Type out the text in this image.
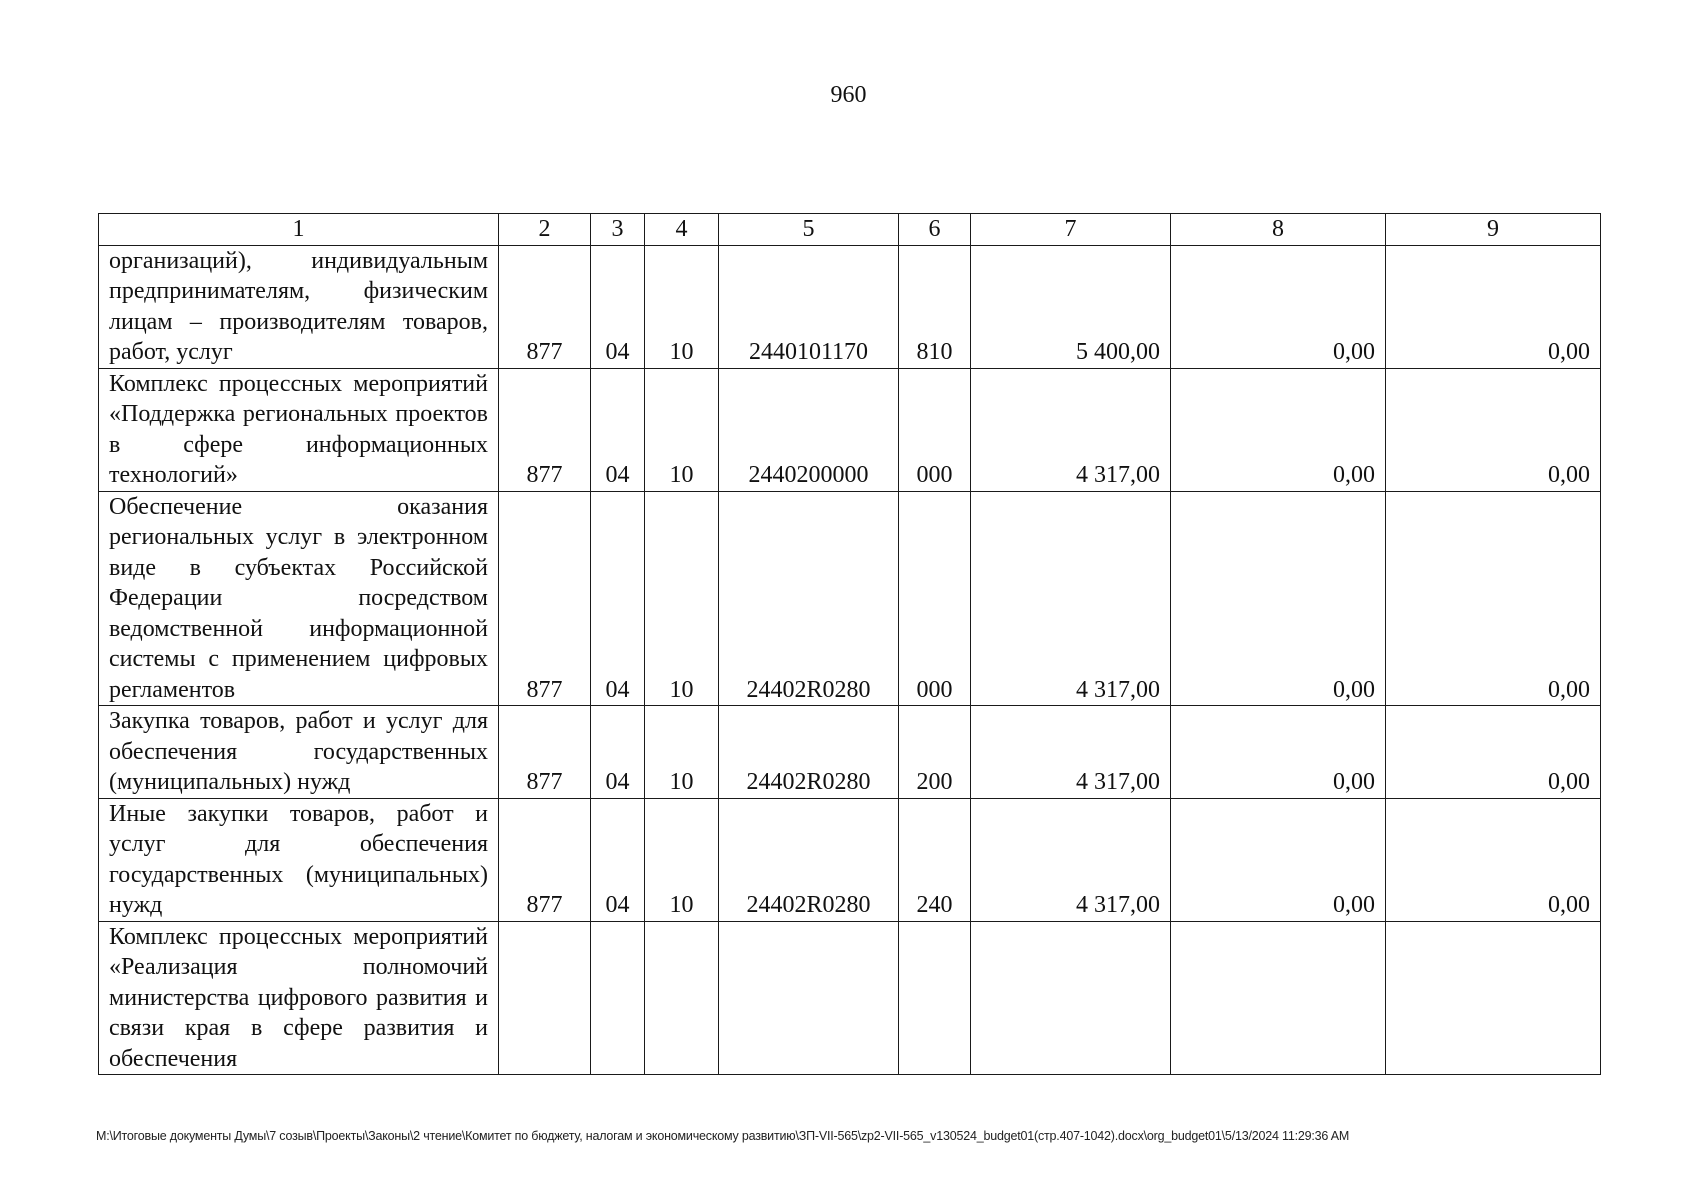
960
1	2	3	4	5	6	7	8	9
организаций), индивидуальным предпринимателям, физическим лицам – производителям товаров, работ, услуг	877	04	10	2440101170	810	5 400,00	0,00	0,00
Комплекс процессных мероприятий «Поддержка региональных проектов в сфере информационных технологий»	877	04	10	2440200000	000	4 317,00	0,00	0,00
Обеспечение оказания региональных услуг в электронном виде в субъектах Российской Федерации посредством ведомственной информационной системы с применением цифровых регламентов	877	04	10	24402R0280	000	4 317,00	0,00	0,00
Закупка товаров, работ и услуг для обеспечения государственных (муниципальных) нужд	877	04	10	24402R0280	200	4 317,00	0,00	0,00
Иные закупки товаров, работ и услуг для обеспечения государственных (муниципальных) нужд	877	04	10	24402R0280	240	4 317,00	0,00	0,00
Комплекс процессных мероприятий «Реализация полномочий министерства цифрового развития и связи края в сфере развития и обеспечения								
M:\Итоговые документы Думы\7 созыв\Проекты\Законы\2 чтение\Комитет по бюджету, налогам и экономическому развитию\ЗП-VII-565\zp2-VII-565_v130524_budget01(стр.407-1042).docx\org_budget01\5/13/2024 11:29:36 AM
